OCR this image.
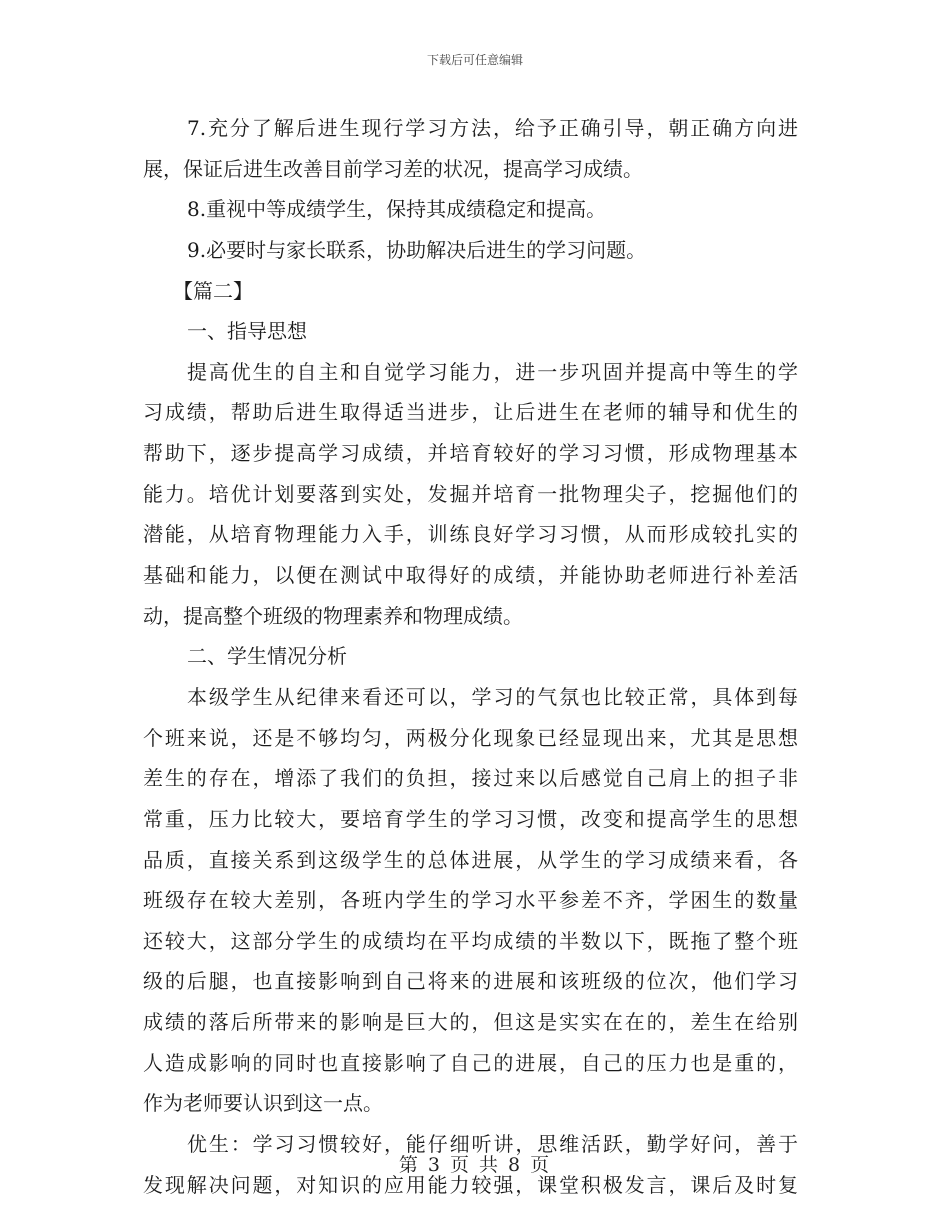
下载后可任意编辑
7.充分了解后进生现行学习方法，给予正确引导，朝正确方向进
展，保证后进生改善目前学习差的状况，提高学习成绩。
8.重视中等成绩学生，保持其成绩稳定和提高。
9.必要时与家长联系，协助解决后进生的学习问题。
【篇二】
一、指导思想
提高优生的自主和自觉学习能力，进一步巩固并提高中等生的学
习成绩，帮助后进生取得适当进步，让后进生在老师的辅导和优生的
帮助下，逐步提高学习成绩，并培育较好的学习习惯，形成物理基本
能力。培优计划要落到实处，发掘并培育一批物理尖子，挖掘他们的
潜能，从培育物理能力入手，训练良好学习习惯，从而形成较扎实的
基础和能力，以便在测试中取得好的成绩，并能协助老师进行补差活
动，提高整个班级的物理素养和物理成绩。
二、学生情况分析
本级学生从纪律来看还可以，学习的气氛也比较正常，具体到每
个班来说，还是不够均匀，两极分化现象已经显现出来，尤其是思想
差生的存在，增添了我们的负担，接过来以后感觉自己肩上的担子非
常重，压力比较大，要培育学生的学习习惯，改变和提高学生的思想
品质，直接关系到这级学生的总体进展，从学生的学习成绩来看，各
班级存在较大差别，各班内学生的学习水平参差不齐，学困生的数量
还较大，这部分学生的成绩均在平均成绩的半数以下，既拖了整个班
级的后腿，也直接影响到自己将来的进展和该班级的位次，他们学习
成绩的落后所带来的影响是巨大的，但这是实实在在的，差生在给别
人造成影响的同时也直接影响了自己的进展，自己的压力也是重的，
作为老师要认识到这一点。
优生：学习习惯较好，能仔细听讲，思维活跃，勤学好问，善于
发现解决问题，对知识的应用能力较强，课堂积极发言，课后及时复
第 3 页 共 8 页
